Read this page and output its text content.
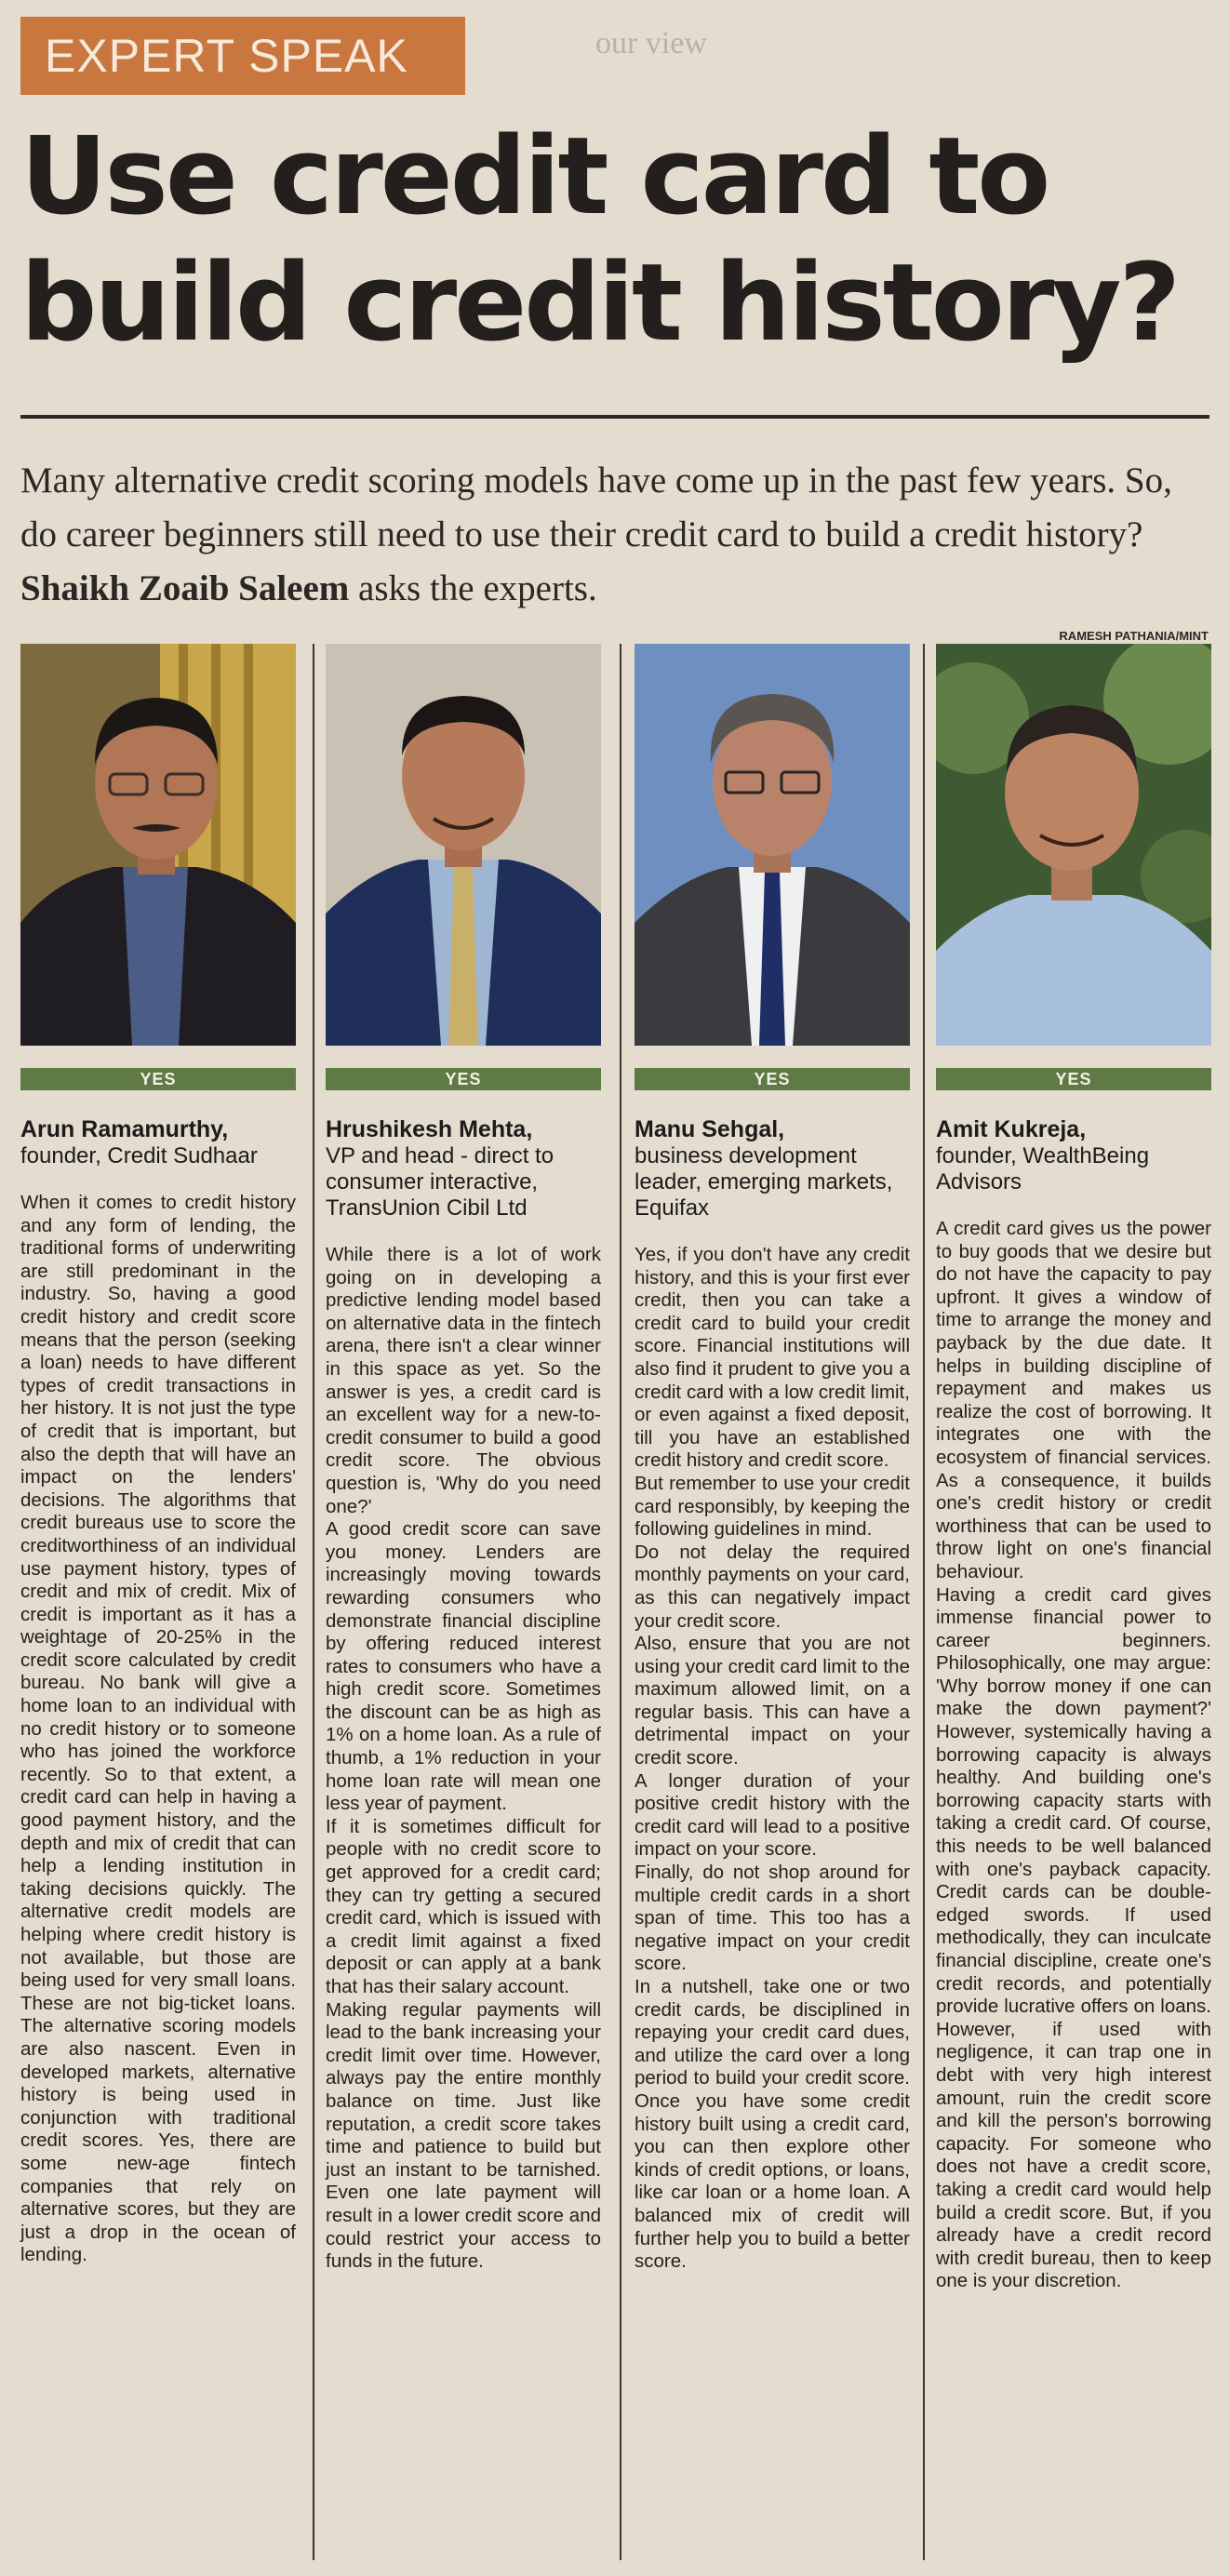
EXPERT SPEAK	our view
Use credit card to build credit history?
Many alternative credit scoring models have come up in the past few years. So, do career beginners still need to use their credit card to build a credit history? Shaikh Zoaib Saleem asks the experts.
RAMESH PATHANIA/MINT
YES
Arun Ramamurthy,
founder, Credit Sudhaar

When it comes to credit history and any form of lending, the traditional forms of underwriting are still predominant in the industry. So, having a good credit history and credit score means that the person (seeking a loan) needs to have different types of credit transactions in her history. It is not just the type of credit that is important, but also the depth that will have an impact on the lenders' decisions. The algorithms that credit bureaus use to score the creditworthiness of an individual use payment history, types of credit and mix of credit. Mix of credit is important as it has a weightage of 20-25% in the credit score calculated by credit bureau. No bank will give a home loan to an individual with no credit history or to someone who has joined the workforce recently. So to that extent, a credit card can help in having a good payment history, and the depth and mix of credit that can help a lending institution in taking decisions quickly. The alternative credit models are helping where credit history is not available, but those are being used for very small loans. These are not big-ticket loans. The alternative scoring models are also nascent. Even in developed markets, alternative history is being used in conjunction with traditional credit scores. Yes, there are some new-age fintech companies that rely on alternative scores, but they are just a drop in the ocean of lending.

YES
Hrushikesh Mehta,
VP and head - direct to consumer interactive, TransUnion Cibil Ltd

While there is a lot of work going on in developing a predictive lending model based on alternative data in the fintech arena, there isn't a clear winner in this space as yet. So the answer is yes, a credit card is an excellent way for a new-to-credit consumer to build a good credit score. The obvious question is, 'Why do you need one?'

A good credit score can save you money. Lenders are increasingly moving towards rewarding consumers who demonstrate financial discipline by offering reduced interest rates to consumers who have a high credit score. Sometimes the discount can be as high as 1% on a home loan. As a rule of thumb, a 1% reduction in your home loan rate will mean one less year of payment.

If it is sometimes difficult for people with no credit score to get approved for a credit card; they can try getting a secured credit card, which is issued with a credit limit against a fixed deposit or can apply at a bank that has their salary account.

Making regular payments will lead to the bank increasing your credit limit over time. However, always pay the entire monthly balance on time. Just like reputation, a credit score takes time and patience to build but just an instant to be tarnished. Even one late payment will result in a lower credit score and could restrict your access to funds in the future.

YES
Manu Sehgal,
business development leader, emerging markets, Equifax

Yes, if you don't have any credit history, and this is your first ever credit, then you can take a credit card to build your credit score. Financial institutions will also find it prudent to give you a credit card with a low credit limit, or even against a fixed deposit, till you have an established credit history and credit score.

But remember to use your credit card responsibly, by keeping the following guidelines in mind.

Do not delay the required monthly payments on your card, as this can negatively impact your credit score.

Also, ensure that you are not using your credit card limit to the maximum allowed limit, on a regular basis. This can have a detrimental impact on your credit score.

A longer duration of your positive credit history with the credit card will lead to a positive impact on your score.

Finally, do not shop around for multiple credit cards in a short span of time. This too has a negative impact on your credit score.

In a nutshell, take one or two credit cards, be disciplined in repaying your credit card dues, and utilize the card over a long period to build your credit score. Once you have some credit history built using a credit card, you can then explore other kinds of credit options, or loans, like car loan or a home loan. A balanced mix of credit will further help you to build a better score.

YES
Amit Kukreja,
founder, WealthBeing Advisors

A credit card gives us the power to buy goods that we desire but do not have the capacity to pay upfront. It gives a window of time to arrange the money and payback by the due date. It helps in building discipline of repayment and makes us realize the cost of borrowing. It integrates one with the ecosystem of financial services. As a consequence, it builds one's credit history or credit worthiness that can be used to throw light on one's financial behaviour.

Having a credit card gives immense financial power to career beginners. Philosophically, one may argue: 'Why borrow money if one can make the down payment?' However, systemically having a borrowing capacity is always healthy. And building one's borrowing capacity starts with taking a credit card. Of course, this needs to be well balanced with one's payback capacity. Credit cards can be double-edged swords. If used methodically, they can inculcate financial discipline, create one's credit records, and potentially provide lucrative offers on loans. However, if used with negligence, it can trap one in debt with very high interest amount, ruin the credit score and kill the person's borrowing capacity. For someone who does not have a credit score, taking a credit card would help build a credit score. But, if you already have a credit record with credit bureau, then to keep one is your discretion.
